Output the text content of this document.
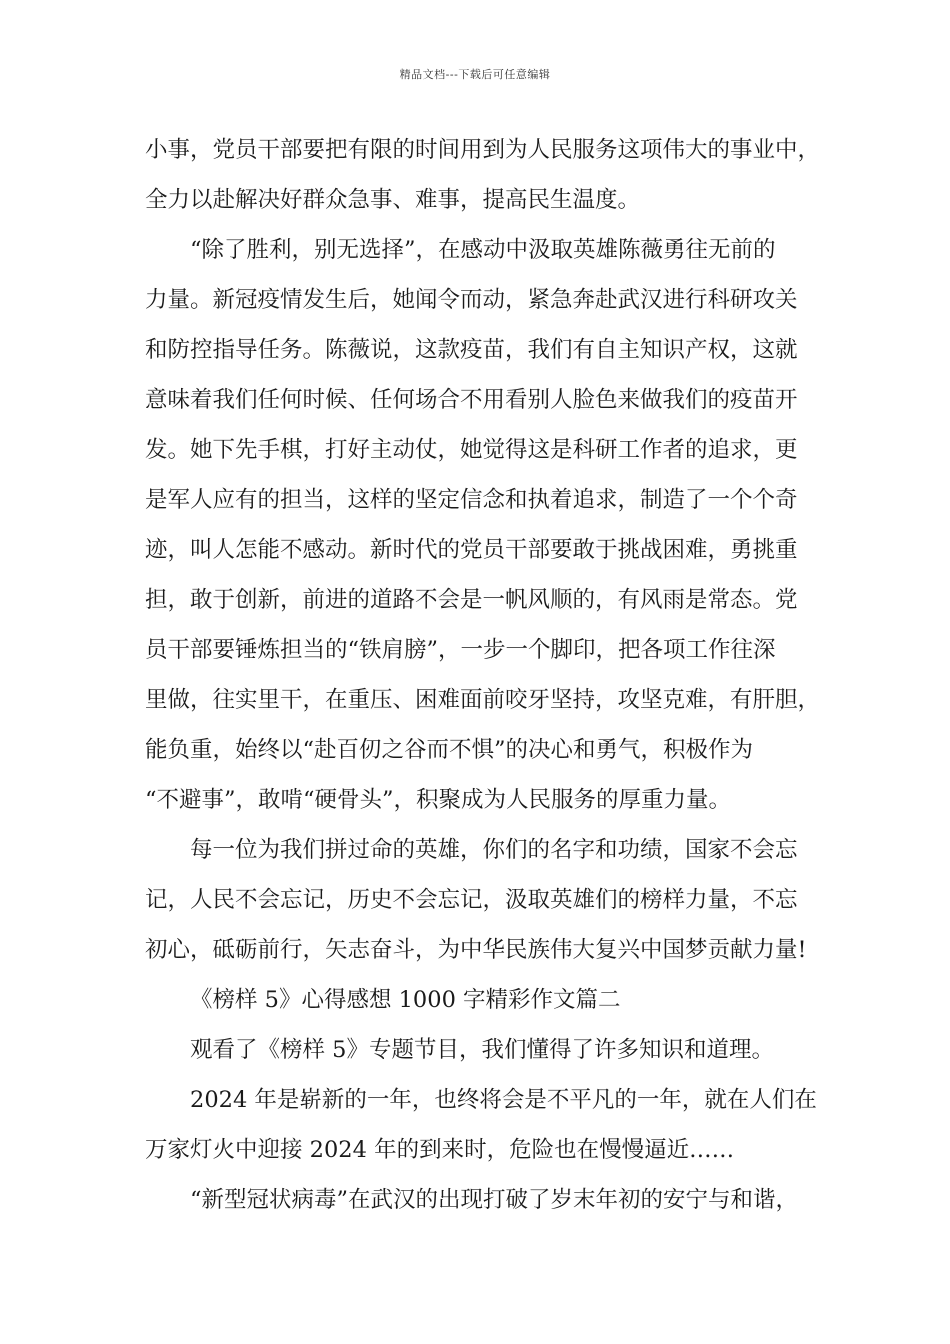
精品文档---下载后可任意编辑
小事，党员干部要把有限的时间用到为人民服务这项伟大的事业中，
全力以赴解决好群众急事、难事，提高民生温度。
“除了胜利，别无选择”，在感动中汲取英雄陈薇勇往无前的
力量。新冠疫情发生后，她闻令而动，紧急奔赴武汉进行科研攻关
和防控指导任务。陈薇说，这款疫苗，我们有自主知识产权，这就
意味着我们任何时候、任何场合不用看别人脸色来做我们的疫苗开
发。她下先手棋，打好主动仗，她觉得这是科研工作者的追求，更
是军人应有的担当，这样的坚定信念和执着追求，制造了一个个奇
迹，叫人怎能不感动。新时代的党员干部要敢于挑战困难，勇挑重
担，敢于创新，前进的道路不会是一帆风顺的，有风雨是常态。党
员干部要锤炼担当的“铁肩膀”，一步一个脚印，把各项工作往深
里做，往实里干，在重压、困难面前咬牙坚持，攻坚克难，有肝胆，
能负重，始终以“赴百仞之谷而不惧”的决心和勇气，积极作为
“不避事”，敢啃“硬骨头”，积聚成为人民服务的厚重力量。
每一位为我们拼过命的英雄，你们的名字和功绩，国家不会忘
记，人民不会忘记，历史不会忘记，汲取英雄们的榜样力量，不忘
初心，砥砺前行，矢志奋斗，为中华民族伟大复兴中国梦贡献力量!
《榜样 5》心得感想 1000 字精彩作文篇二
观看了《榜样 5》专题节目，我们懂得了许多知识和道理。
2024 年是崭新的一年，也终将会是不平凡的一年，就在人们在
万家灯火中迎接 2024 年的到来时，危险也在慢慢逼近……
“新型冠状病毒”在武汉的出现打破了岁末年初的安宁与和谐，
